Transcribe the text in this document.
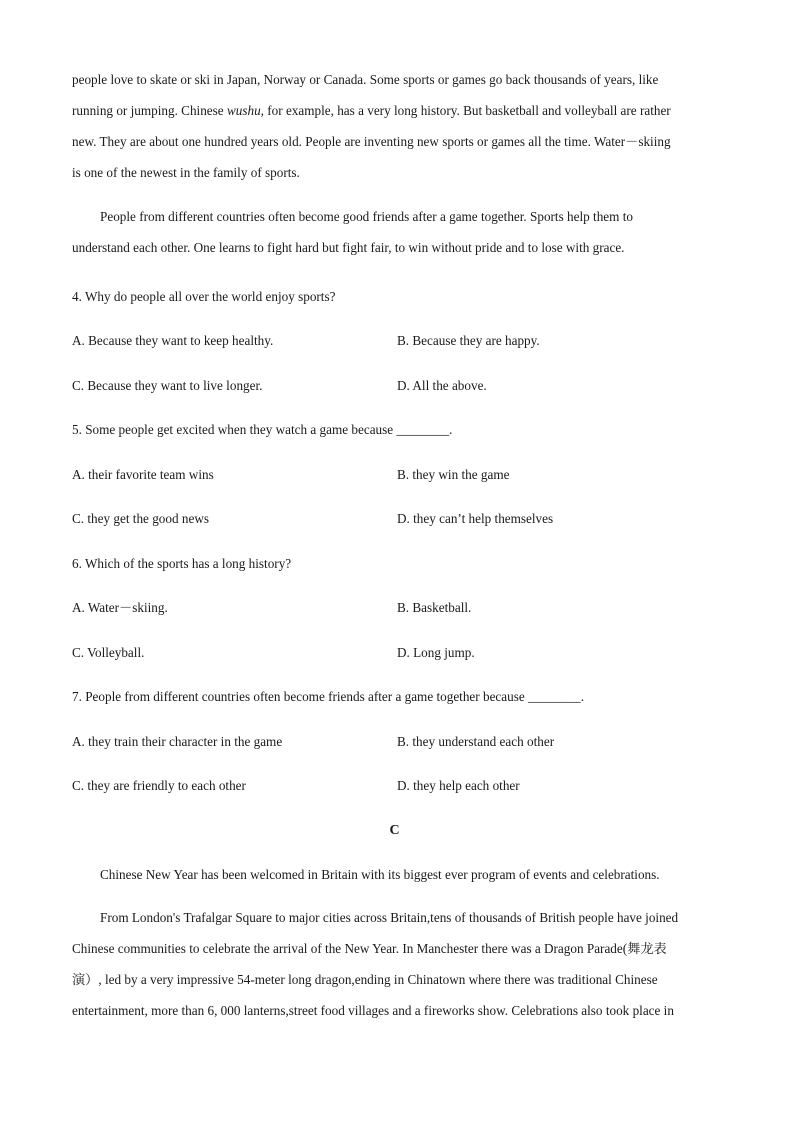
people love to skate or ski in Japan, Norway or Canada. Some sports or games go back thousands of years, like
running or jumping. Chinese wushu, for example, has a very long history. But basketball and volleyball are rather
new. They are about one hundred years old. People are inventing new sports or games all the time. Water－skiing
is one of the newest in the family of sports.

People from different countries often become good friends after a game together. Sports help them to
understand each other. One learns to fight hard but fight fair, to win without pride and to lose with grace.

4. Why do people all over the world enjoy sports?

A. Because they want to keep healthy.	B. Because they are happy.
C. Because they want to live longer.	D. All the above.

5. Some people get excited when they watch a game because ________.

A. their favorite team wins	B. they win the game
C. they get the good news	D. they can’t help themselves

6. Which of the sports has a long history?

A. Water－skiing.	B. Basketball.
C. Volleyball.	D. Long jump.

7. People from different countries often become friends after a game together because ________.

A. they train their character in the game	B. they understand each other
C. they are friendly to each other	D. they help each other
C

Chinese New Year has been welcomed in Britain with its biggest ever program of events and celebrations.

From London's Trafalgar Square to major cities across Britain,tens of thousands of British people have joined
Chinese communities to celebrate the arrival of the New Year. In Manchester there was a Dragon Parade(舞龙表
演）, led by a very impressive 54-meter long dragon,ending in Chinatown where there was traditional Chinese
entertainment, more than 6, 000 lanterns,street food villages and a fireworks show. Celebrations also took place in
